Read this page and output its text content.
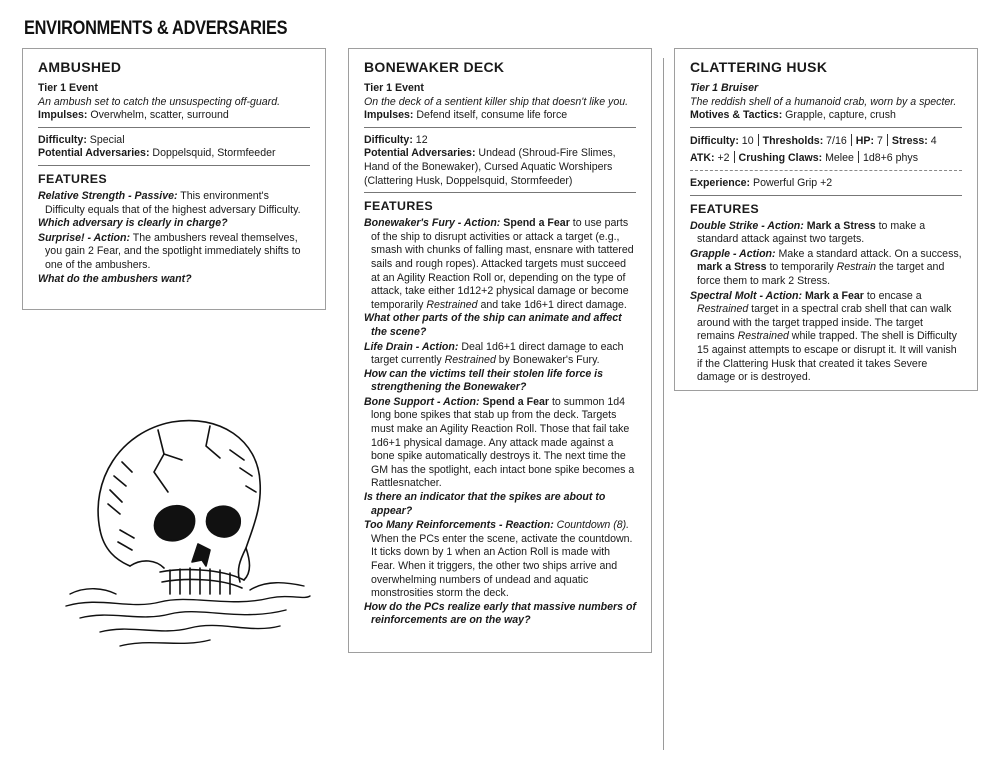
ENVIRONMENTS & ADVERSARIES
AMBUSHED
Tier 1 Event
An ambush set to catch the unsuspecting off-guard.
Impulses: Overwhelm, scatter, surround
Difficulty: Special
Potential Adversaries: Doppelsquid, Stormfeeder
FEATURES
Relative Strength - Passive: This environment's Difficulty equals that of the highest adversary Difficulty.
Which adversary is clearly in charge?
Surprise! - Action: The ambushers reveal themselves, you gain 2 Fear, and the spotlight immediately shifts to one of the ambushers.
What do the ambushers want?
BONEWAKER DECK
Tier 1 Event
On the deck of a sentient killer ship that doesn't like you.
Impulses: Defend itself, consume life force
Difficulty: 12
Potential Adversaries: Undead (Shroud-Fire Slimes, Hand of the Bonewaker), Cursed Aquatic Worshipers (Clattering Husk, Doppelsquid, Stormfeeder)
FEATURES
Bonewaker's Fury - Action: Spend a Fear to use parts of the ship to disrupt activities or attack a target (e.g., smash with chunks of falling mast, ensnare with tattered sails and rough ropes). Attacked targets must succeed at an Agility Reaction Roll or, depending on the type of attack, take either 1d12+2 physical damage or become temporarily Restrained and take 1d6+1 direct damage.
What other parts of the ship can animate and affect the scene?
Life Drain - Action: Deal 1d6+1 direct damage to each target currently Restrained by Bonewaker's Fury.
How can the victims tell their stolen life force is strengthening the Bonewaker?
Bone Support - Action: Spend a Fear to summon 1d4 long bone spikes that stab up from the deck. Targets must make an Agility Reaction Roll. Those that fail take 1d6+1 physical damage. Any attack made against a bone spike automatically destroys it. The next time the GM has the spotlight, each intact bone spike becomes a Rattlesnatcher.
Is there an indicator that the spikes are about to appear?
Too Many Reinforcements - Reaction: Countdown (8). When the PCs enter the scene, activate the countdown. It ticks down by 1 when an Action Roll is made with Fear. When it triggers, the other two ships arrive and overwhelming numbers of undead and aquatic monstrosities storm the deck.
How do the PCs realize early that massive numbers of reinforcements are on the way?
CLATTERING HUSK
Tier 1 Bruiser
The reddish shell of a humanoid crab, worn by a specter.
Motives & Tactics: Grapple, capture, crush
Difficulty: 10 Thresholds: 7/16 HP: 7 Stress: 4
ATK: +2 Crushing Claws: Melee 1d8+6 phys
Experience: Powerful Grip +2
FEATURES
Double Strike - Action: Mark a Stress to make a standard attack against two targets.
Grapple - Action: Make a standard attack. On a success, mark a Stress to temporarily Restrain the target and force them to mark 2 Stress.
Spectral Molt - Action: Mark a Fear to encase a Restrained target in a spectral crab shell that can walk around with the target trapped inside. The target remains Restrained while trapped. The shell is Difficulty 15 against attempts to escape or disrupt it. It will vanish if the Clattering Husk that created it takes Severe damage or is destroyed.
